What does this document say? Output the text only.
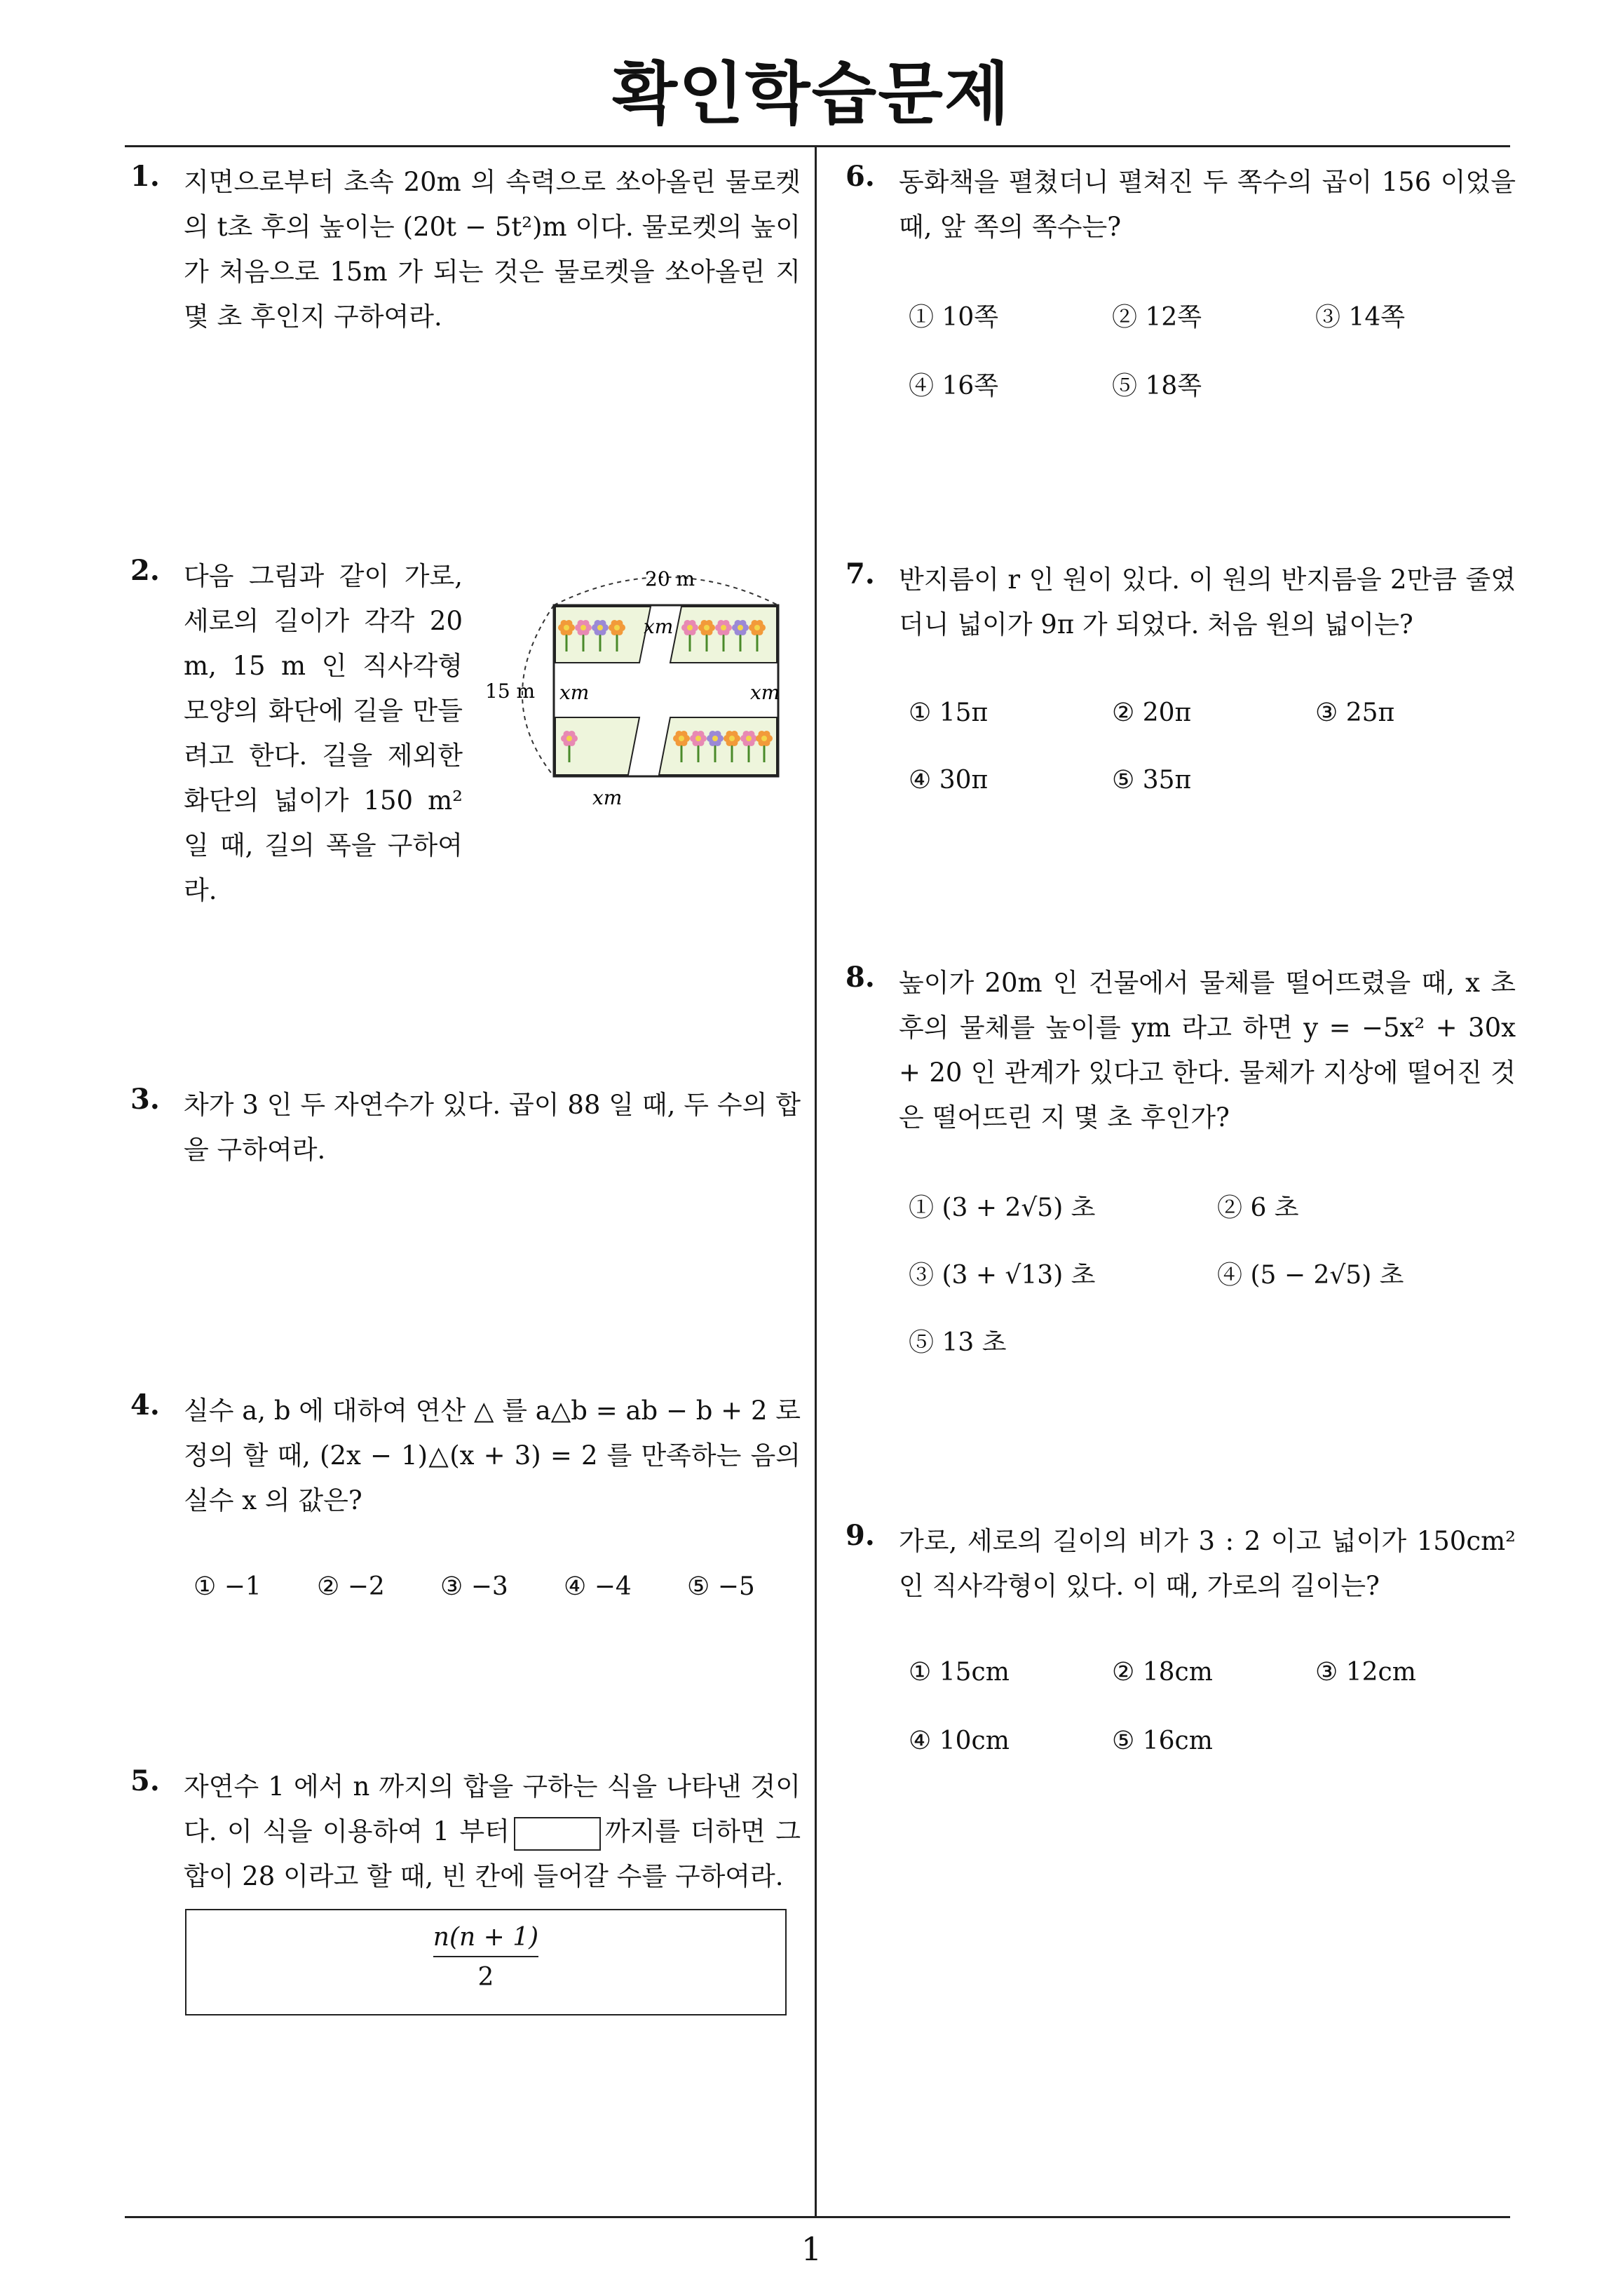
확인학습문제
1. 지면으로부터 초속 20m 의 속력으로 쏘아올린 물로켓의 t초 후의 높이는 (20t − 5t²)m 이다. 물로켓의 높이가 처음으로 15m 가 되는 것은 물로켓을 쏘아올린 지 몇 초 후인지 구하여라.
2. 다음 그림과 같이 가로, 세로의 길이가 각각 20 m, 15 m 인 직사각형 모양의 화단에 길을 만들려고 한다. 길을 제외한 화단의 넓이가 150 m² 일 때, 길의 폭을 구하여라.
20 m
15 m
xm
xm	xm
xm
3. 차가 3 인 두 자연수가 있다. 곱이 88 일 때, 두 수의 합을 구하여라.
4. 실수 a, b 에 대하여 연산 △ 를 a△b = ab − b + 2 로 정의 할 때, (2x − 1)△(x + 3) = 2 를 만족하는 음의 실수 x 의 값은?
① −1 ② −2 ③ −3 ④ −4 ⑤ −5
5. 자연수 1 에서 n 까지의 합을 구하는 식을 나타낸 것이다. 이 식을 이용하여 1 부터	까지를 더하면 그 합이 28 이라고 할 때, 빈 칸에 들어갈 수를 구하여라.
n(n + 1)
2
6. 동화책을 펼쳤더니 펼쳐진 두 쪽수의 곱이 156 이었을 때, 앞 쪽의 쪽수는?
① 10쪽	② 12쪽	③ 14쪽
④ 16쪽	⑤ 18쪽
7. 반지름이 r 인 원이 있다. 이 원의 반지름을 2만큼 줄였더니 넓이가 9π 가 되었다. 처음 원의 넓이는?
① 15π	② 20π	③ 25π
④ 30π	⑤ 35π
8. 높이가 20m 인 건물에서 물체를 떨어뜨렸을 때, x 초 후의 물체를 높이를 ym 라고 하면 y = −5x² + 30x + 20 인 관계가 있다고 한다. 물체가 지상에 떨어진 것은 떨어뜨린 지 몇 초 후인가?
① (3 + 2√5) 초	② 6 초
③ (3 + √13) 초	④ (5 − 2√5) 초
⑤ 13 초
9. 가로, 세로의 길이의 비가 3 : 2 이고 넓이가 150cm² 인 직사각형이 있다. 이 때, 가로의 길이는?
① 15cm	② 18cm	③ 12cm
④ 10cm	⑤ 16cm
1
